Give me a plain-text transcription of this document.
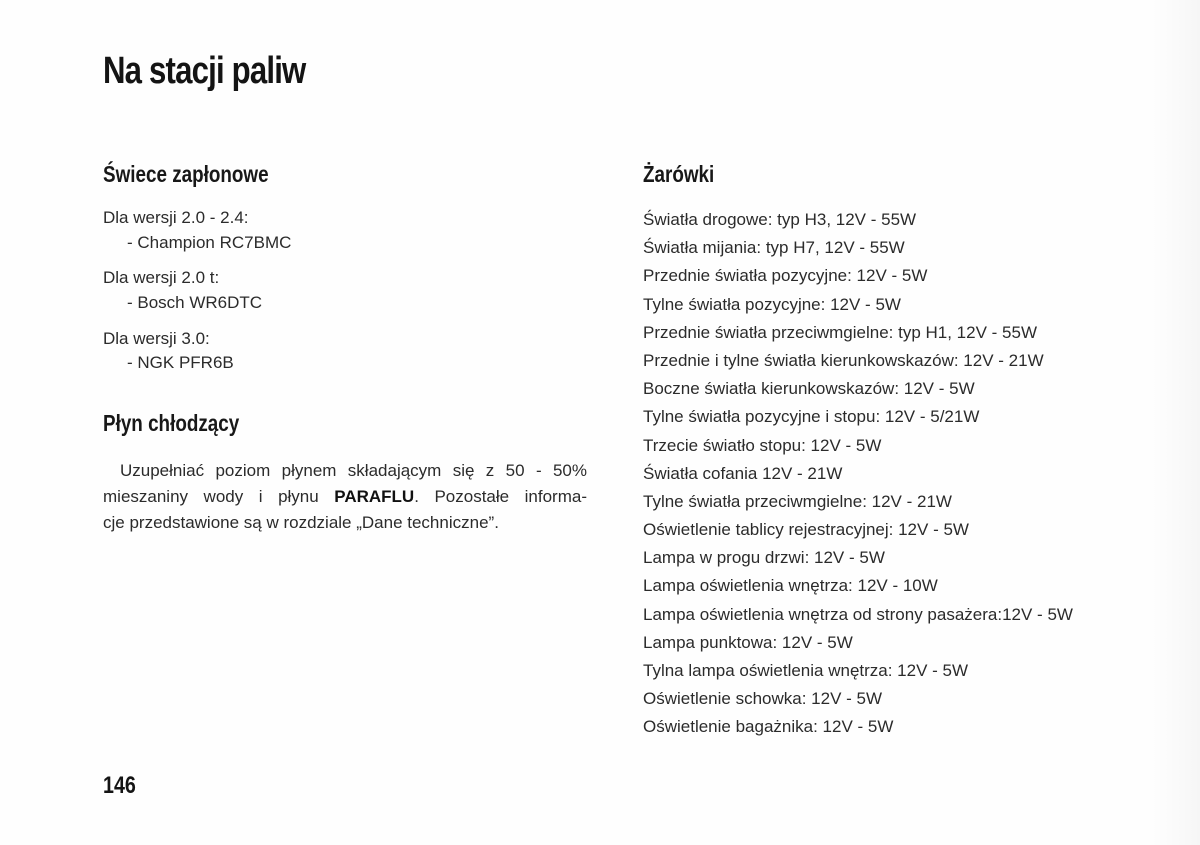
Na stacji paliw
Świece zapłonowe
Dla wersji 2.0 - 2.4:
- Champion RC7BMC
Dla wersji 2.0 t:
- Bosch WR6DTC
Dla wersji 3.0:
- NGK PFR6B
Płyn chłodzący
Uzupełniać poziom płynem składającym się z 50 - 50%
mieszaniny wody i płynu PARAFLU. Pozostałe informa-
cje przedstawione są w rozdziale „Dane techniczne”.
Żarówki
Światła drogowe: typ H3, 12V - 55W
Światła mijania: typ H7, 12V - 55W
Przednie światła pozycyjne: 12V - 5W
Tylne światła pozycyjne: 12V - 5W
Przednie światła przeciwmgielne: typ H1, 12V - 55W
Przednie i tylne światła kierunkowskazów: 12V - 21W
Boczne światła kierunkowskazów: 12V - 5W
Tylne światła pozycyjne i stopu: 12V - 5/21W
Trzecie światło stopu: 12V - 5W
Światła cofania 12V - 21W
Tylne światła przeciwmgielne: 12V - 21W
Oświetlenie tablicy rejestracyjnej: 12V - 5W
Lampa w progu drzwi: 12V - 5W
Lampa oświetlenia wnętrza: 12V - 10W
Lampa oświetlenia wnętrza od strony pasażera:12V - 5W
Lampa punktowa: 12V - 5W
Tylna lampa oświetlenia wnętrza: 12V - 5W
Oświetlenie schowka: 12V - 5W
Oświetlenie bagażnika: 12V - 5W
146
